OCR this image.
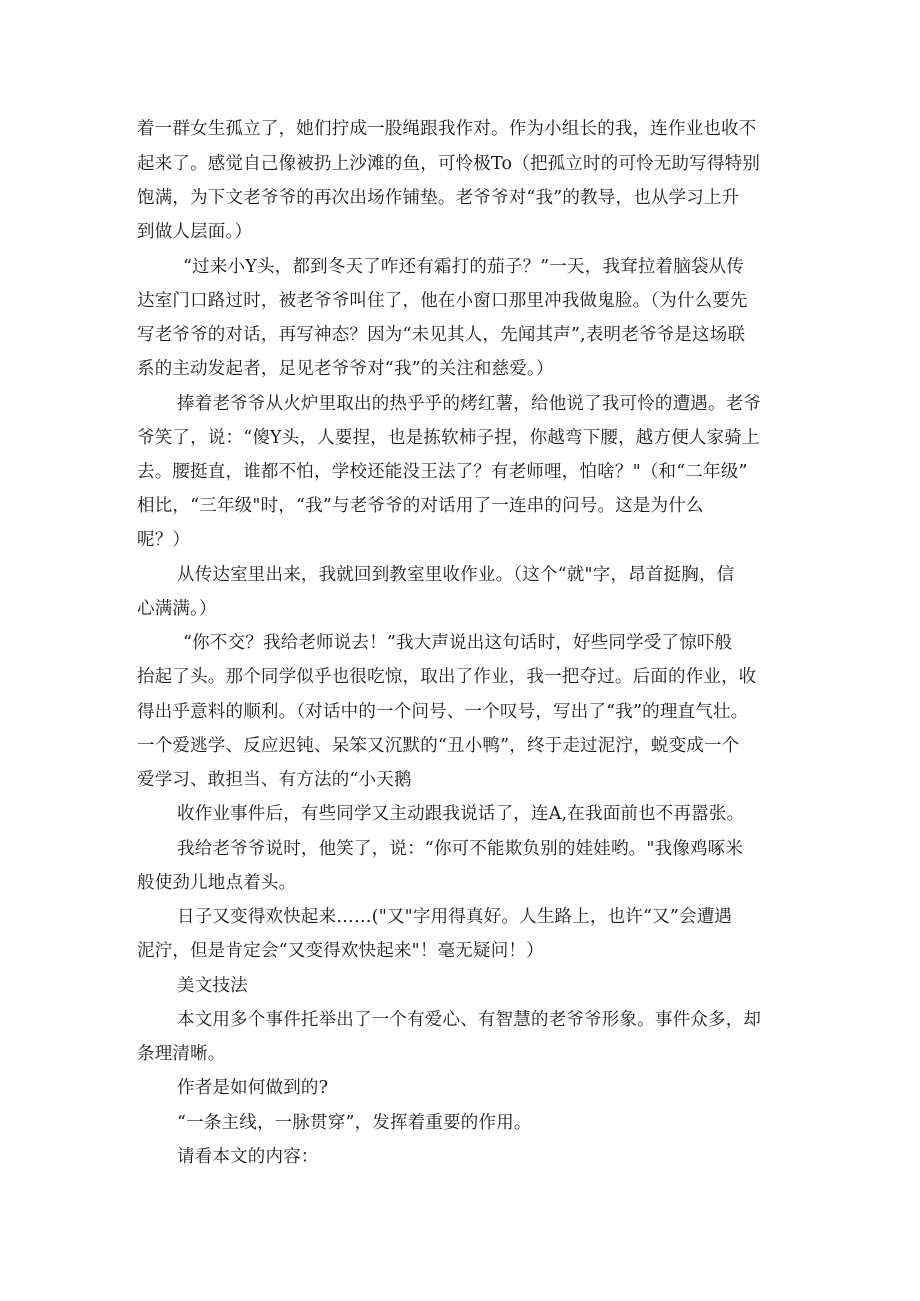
着一群女生孤立了，她们拧成一股绳跟我作对。作为小组长的我，连作业也收不
起来了。感觉自己像被扔上沙滩的鱼，可怜极To（把孤立时的可怜无助写得特别
饱满，为下文老爷爷的再次出场作铺垫。老爷爷对“我”的教导，也从学习上升
到做人层面。）
“过来小Y头，都到冬天了咋还有霜打的茄子？”一天，我耷拉着脑袋从传
达室门口路过时，被老爷爷叫住了，他在小窗口那里冲我做鬼脸。（为什么要先
写老爷爷的对话，再写神态？因为“未见其人，先闻其声”,表明老爷爷是这场联
系的主动发起者，足见老爷爷对“我”的关注和慈爱。）
捧着老爷爷从火炉里取出的热乎乎的烤红薯，给他说了我可怜的遭遇。老爷
爷笑了，说：“傻Y头，人要捏，也是拣软柿子捏，你越弯下腰，越方便人家骑上
去。腰挺直，谁都不怕，学校还能没王法了？有老师哩，怕啥？"（和“二年级”
相比，“三年级"时，“我”与老爷爷的对话用了一连串的问号。这是为什么
呢？）
从传达室里出来，我就回到教室里收作业。（这个“就"字，昂首挺胸，信
心满满。）
“你不交？我给老师说去！”我大声说出这句话时，好些同学受了惊吓般
抬起了头。那个同学似乎也很吃惊，取出了作业，我一把夺过。后面的作业，收
得出乎意料的顺利。（对话中的一个问号、一个叹号，写出了“我”的理直气壮。
一个爱逃学、反应迟钝、呆笨又沉默的“丑小鸭”，终于走过泥泞，蜕变成一个
爱学习、敢担当、有方法的“小天鹅
收作业事件后，有些同学又主动跟我说话了，连A,在我面前也不再嚣张。
我给老爷爷说时，他笑了，说：“你可不能欺负别的娃娃哟。"我像鸡啄米
般使劲儿地点着头。
日子又变得欢快起来……("又"字用得真好。人生路上，也许“又”会遭遇
泥泞，但是肯定会“又变得欢快起来"！毫无疑问！）
美文技法
本文用多个事件托举出了一个有爱心、有智慧的老爷爷形象。事件众多，却
条理清晰。
作者是如何做到的?
“一条主线，一脉贯穿”，发挥着重要的作用。
请看本文的内容：
